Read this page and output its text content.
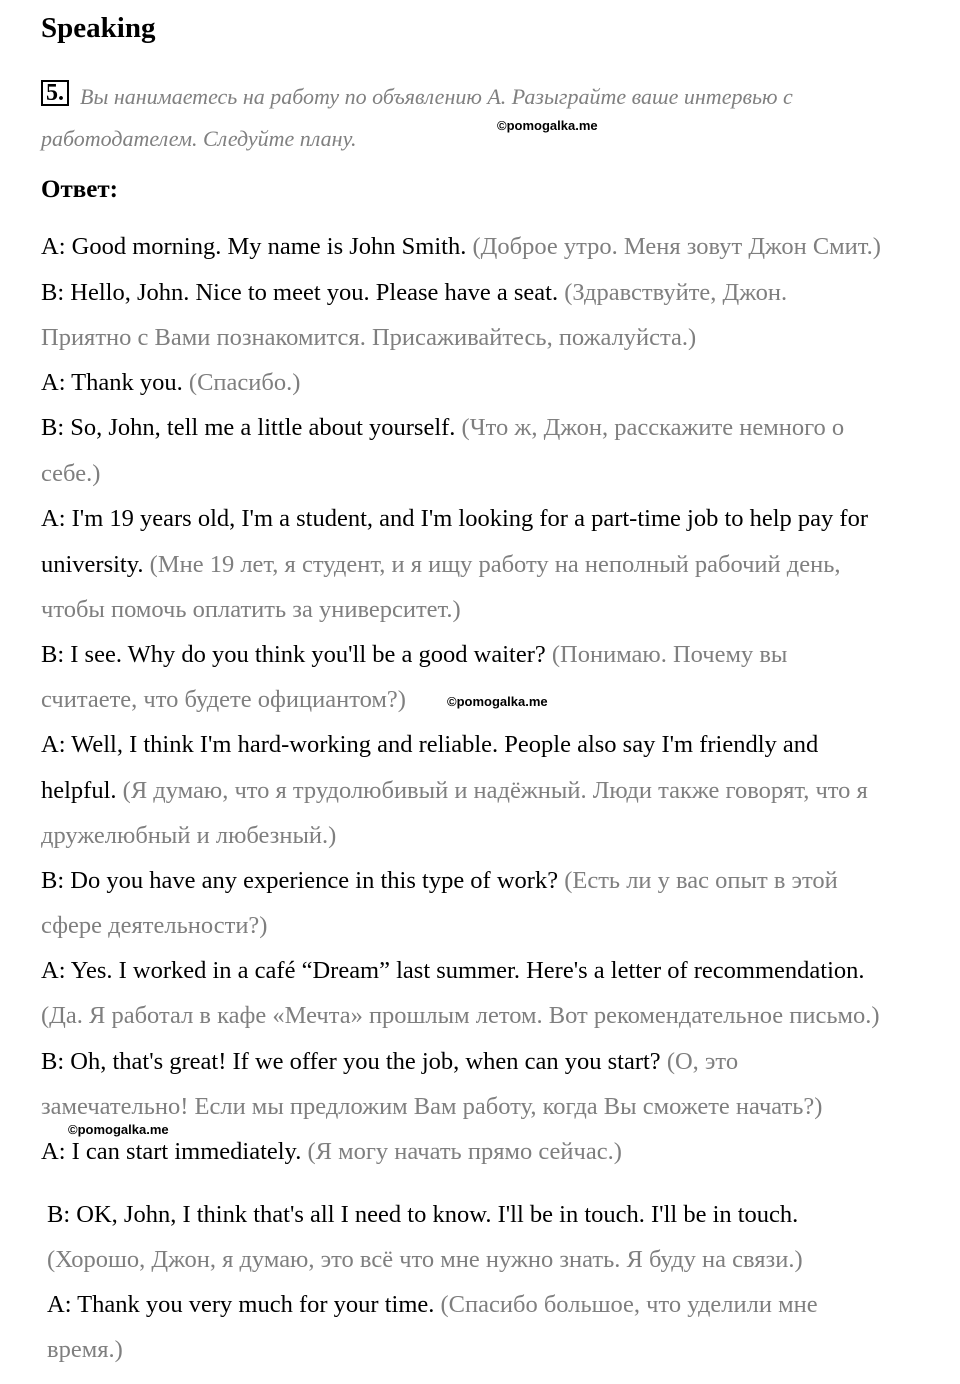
Speaking
5. Вы нанимаетесь на работу по объявлению А. Разыграйте ваше интервью с
работодателем. Следуйте плану.
©pomogalka.me
Ответ:
A: Good morning. My name is John Smith. (Доброе утро. Меня зовут Джон Смит.)
B: Hello, John. Nice to meet you. Please have a seat. (Здравствуйте, Джон.
Приятно с Вами познакомится. Присаживайтесь, пожалуйста.)
A: Thank you. (Спасибо.)
B: So, John, tell me a little about yourself. (Что ж, Джон, расскажите немного о
себе.)
A: I'm 19 years old, I'm a student, and I'm looking for a part-time job to help pay for
university. (Мне 19 лет, я студент, и я ищу работу на неполный рабочий день,
чтобы помочь оплатить за университет.)
B: I see. Why do you think you'll be a good waiter? (Понимаю. Почему вы
считаете, что будете официантом?)
A: Well, I think I'm hard-working and reliable. People also say I'm friendly and
helpful. (Я думаю, что я трудолюбивый и надёжный. Люди также говорят, что я
дружелюбный и любезный.)
B: Do you have any experience in this type of work? (Есть ли у вас опыт в этой
сфере деятельности?)
A: Yes. I worked in a café “Dream” last summer. Here's a letter of recommendation.
(Да. Я работал в кафе «Мечта» прошлым летом. Вот рекомендательное письмо.)
B: Oh, that's great! If we offer you the job, when can you start? (О, это
замечательно! Если мы предложим Вам работу, когда Вы сможете начать?)
A: I can start immediately. (Я могу начать прямо сейчас.)
B: OK, John, I think that's all I need to know. I'll be in touch. I'll be in touch.
(Хорошо, Джон, я думаю, это всё что мне нужно знать. Я буду на связи.)
A: Thank you very much for your time. (Спасибо большое, что уделили мне
время.)
©pomogalka.me
©pomogalka.me
